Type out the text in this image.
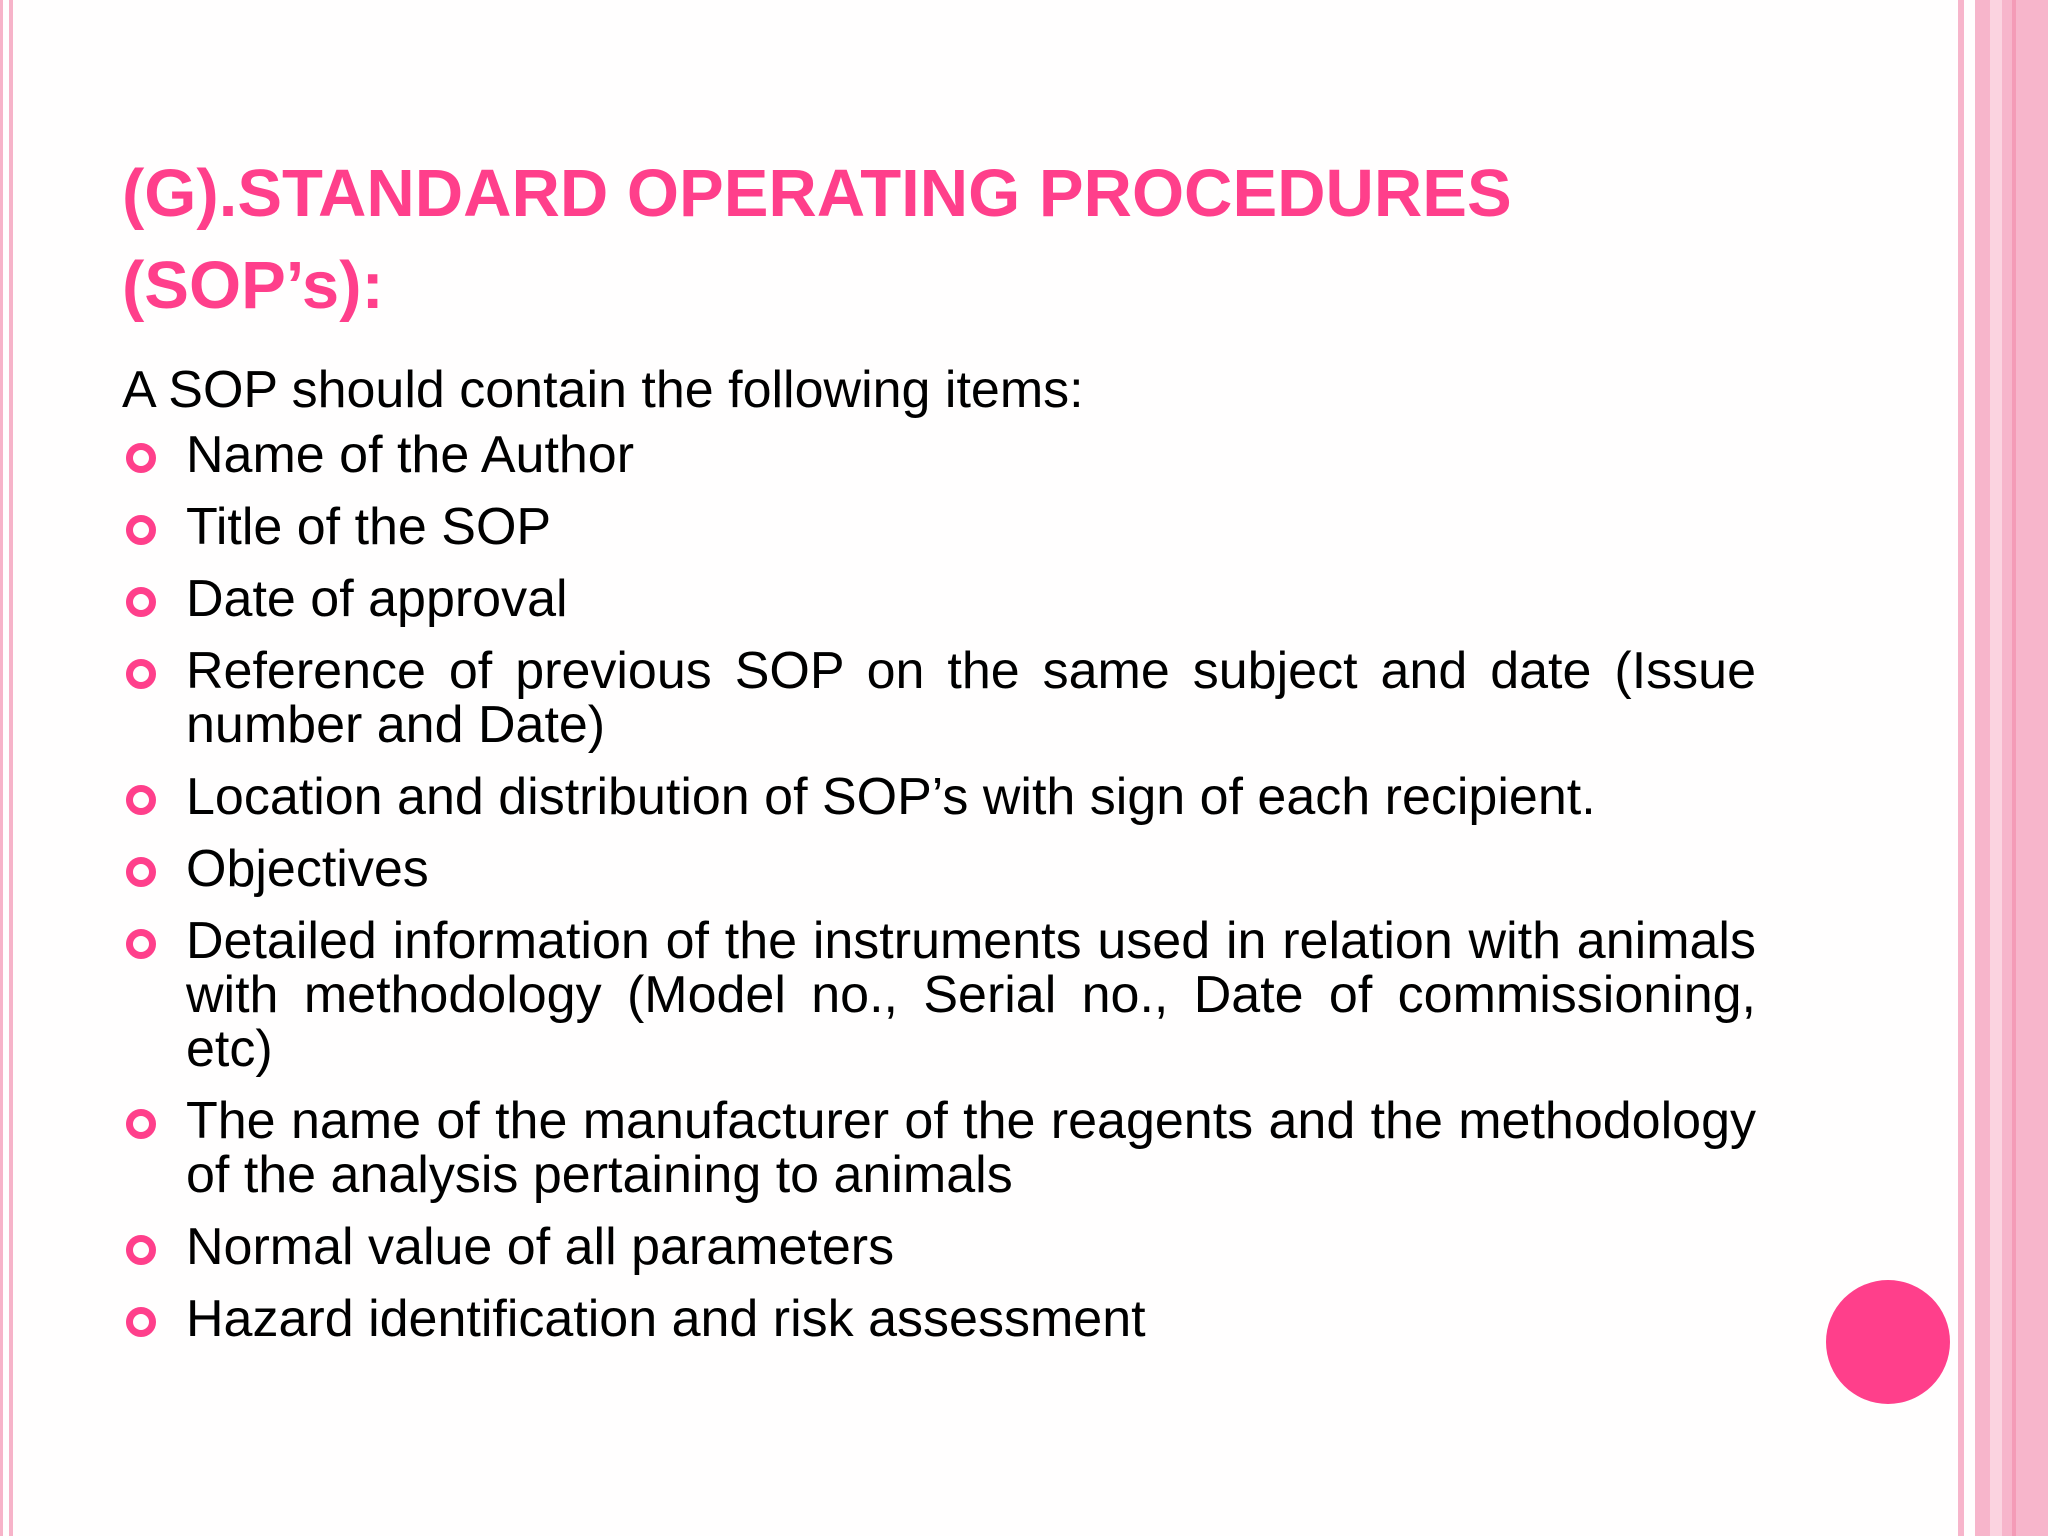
(G).STANDARD OPERATING PROCEDURES
(SOP’s):

A SOP should contain the following items:

Name of the Author
Title of the SOP
Date of approval
Reference of previous SOP on the same subject and date (Issue number and Date)
Location and distribution of SOP’s with sign of each recipient.
Objectives
Detailed information of the instruments used in relation with animals with methodology (Model no., Serial no., Date of commissioning, etc)
The name of the manufacturer of the reagents and the methodology of the analysis pertaining to animals
Normal value of all parameters
Hazard identification and risk assessment
